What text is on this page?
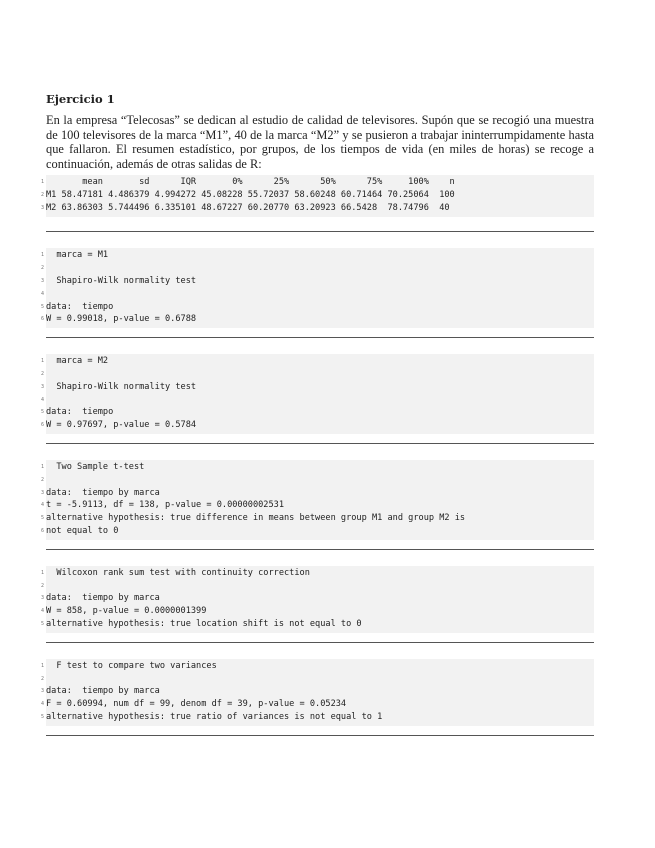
Ejercicio 1

En la empresa “Telecosas” se dedican al estudio de calidad de televisores. Supón que se recogió una muestra de 100 televisores de la marca “M1”, 40 de la marca “M2” y se pusieron a trabajar ininterrumpidamente hasta que fallaron. El resumen estadístico, por grupos, de los tiempos de vida (en miles de horas) se recoge a continuación, además de otras salidas de R:

1 mean       sd      IQR       0%      25%      50%      75%     100%    n
2 M1 58.47181 4.486379 4.994272 45.08228 55.72037 58.60248 60.71464 70.25064  100
3 M2 63.86303 5.744496 6.335101 48.67227 60.20770 63.20923 66.5428  78.74796  40
1 marca = M1
2
3 Shapiro-Wilk normality test
4
5 data:  tiempo
6 W = 0.99018, p-value = 0.6788
1 marca = M2
2
3 Shapiro-Wilk normality test
4
5 data:  tiempo
6 W = 0.97697, p-value = 0.5784
1 Two Sample t-test
2
3 data:  tiempo by marca
4 t = -5.9113, df = 138, p-value = 0.00000002531
5 alternative hypothesis: true difference in means between group M1 and group M2 is
6 not equal to 0
1 Wilcoxon rank sum test with continuity correction
2
3 data:  tiempo by marca
4 W = 858, p-value = 0.0000001399
5 alternative hypothesis: true location shift is not equal to 0
1 F test to compare two variances
2
3 data:  tiempo by marca
4 F = 0.60994, num df = 99, denom df = 39, p-value = 0.05234
5 alternative hypothesis: true ratio of variances is not equal to 1
